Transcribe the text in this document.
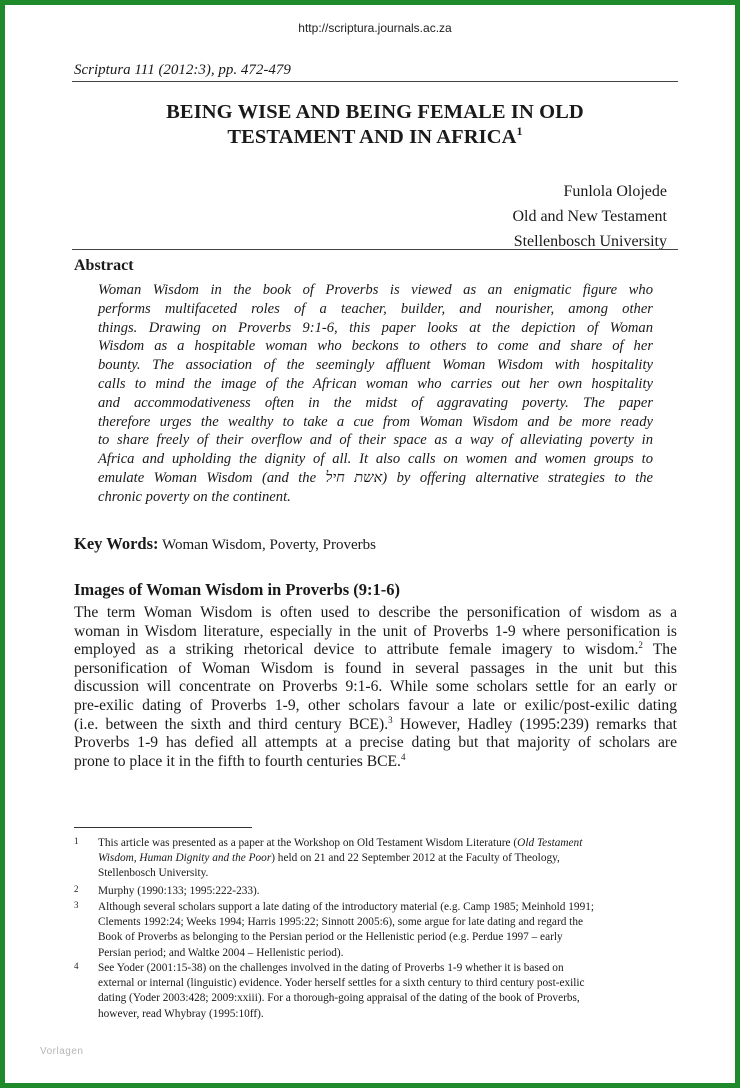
http://scriptura.journals.ac.za
Scriptura 111 (2012:3), pp. 472-479
BEING WISE AND BEING FEMALE IN OLD
TESTAMENT AND IN AFRICA$^1$
Funlola Olojede
Old and New Testament
Stellenbosch University
Abstract
Woman Wisdom in the book of Proverbs is viewed as an enigmatic figure who
performs multifaceted roles of a teacher, builder, and nourisher, among other
things. Drawing on Proverbs 9:1-6, this paper looks at the depiction of Woman
Wisdom as a hospitable woman who beckons to others to come and share of her
bounty. The association of the seemingly affluent Woman Wisdom with hospitality
calls to mind the image of the African woman who carries out her own hospitality
and accommodativeness often in the midst of aggravating poverty. The paper
therefore urges the wealthy to take a cue from Woman Wisdom and be more ready
to share freely of their overflow and of their space as a way of alleviating poverty in
Africa and upholding the dignity of all. It also calls on women and women groups to
emulate Woman Wisdom (and the אשת חיל) by offering alternative strategies to the
chronic poverty on the continent.
Key Words: Woman Wisdom, Poverty, Proverbs
Images of Woman Wisdom in Proverbs (9:1-6)
The term Woman Wisdom is often used to describe the personification of wisdom as a
woman in Wisdom literature, especially in the unit of Proverbs 1-9 where personification is
employed as a striking rhetorical device to attribute female imagery to wisdom.$^2$ The
personification of Woman Wisdom is found in several passages in the unit but this
discussion will concentrate on Proverbs 9:1-6. While some scholars settle for an early or
pre-exilic dating of Proverbs 1-9, other scholars favour a late or exilic/post-exilic dating
(i.e. between the sixth and third century BCE).$^3$ However, Hadley (1995:239) remarks that
Proverbs 1-9 has defied all attempts at a precise dating but that majority of scholars are
prone to place it in the fifth to fourth centuries BCE.$^4$
1 This article was presented as a paper at the Workshop on Old Testament Wisdom Literature (Old Testament
Wisdom, Human Dignity and the Poor) held on 21 and 22 September 2012 at the Faculty of Theology,
Stellenbosch University.
2 Murphy (1990:133; 1995:222-233).
3 Although several scholars support a late dating of the introductory material (e.g. Camp 1985; Meinhold 1991;
Clements 1992:24; Weeks 1994; Harris 1995:22; Sinnott 2005:6), some argue for late dating and regard the
Book of Proverbs as belonging to the Persian period or the Hellenistic period (e.g. Perdue 1997 – early
Persian period; and Waltke 2004 – Hellenistic period).
4 See Yoder (2001:15-38) on the challenges involved in the dating of Proverbs 1-9 whether it is based on
external or internal (linguistic) evidence. Yoder herself settles for a sixth century to third century post-exilic
dating (Yoder 2003:428; 2009:xxiii). For a thorough-going appraisal of the dating of the book of Proverbs,
however, read Whybray (1995:10ff).
Vorlagen
